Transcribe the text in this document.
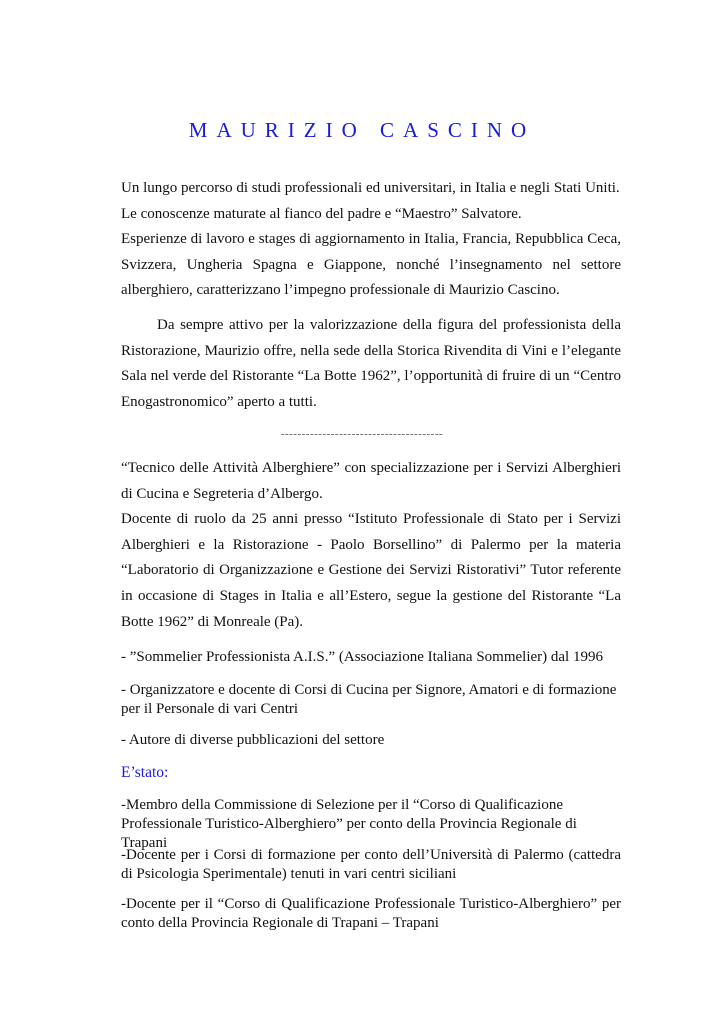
MAURIZIO CASCINO
Un lungo percorso di studi professionali ed universitari, in Italia e negli Stati Uniti.
Le conoscenze maturate al fianco del padre e “Maestro” Salvatore.
Esperienze di lavoro e stages di aggiornamento in Italia, Francia, Repubblica Ceca, Svizzera, Ungheria Spagna e Giappone, nonché l’insegnamento nel settore alberghiero, caratterizzano l’impegno professionale di Maurizio Cascino.

Da sempre attivo per la valorizzazione della figura del professionista della Ristorazione, Maurizio offre, nella sede della Storica Rivendita di Vini e l’elegante Sala nel verde del Ristorante “La Botte 1962”, l’opportunità di fruire di un “Centro Enogastronomico” aperto a tutti.

---------------------------------------

“Tecnico delle Attività Alberghiere” con specializzazione per i Servizi Alberghieri di Cucina e Segreteria d’Albergo.
Docente di ruolo da 25 anni presso “Istituto Professionale di Stato per i Servizi Alberghieri e la Ristorazione - Paolo Borsellino” di Palermo per la materia “Laboratorio di Organizzazione e Gestione dei Servizi Ristorativi” Tutor referente in occasione di Stages in Italia e all’Estero, segue la gestione del Ristorante “La Botte 1962” di Monreale (Pa).

- ”Sommelier Professionista A.I.S.” (Associazione Italiana Sommelier) dal 1996

- Organizzatore e docente di Corsi di Cucina per Signore, Amatori e di formazione per il Personale di vari Centri

- Autore di diverse pubblicazioni del settore

E’stato:

-Membro della Commissione di Selezione per il “Corso di Qualificazione Professionale Turistico-Alberghiero” per conto della Provincia Regionale di Trapani

-Docente per i Corsi di formazione per conto dell’Università di Palermo (cattedra di Psicologia Sperimentale) tenuti in vari centri siciliani

-Docente per il “Corso di Qualificazione Professionale Turistico-Alberghiero” per conto della Provincia Regionale di Trapani – Trapani
